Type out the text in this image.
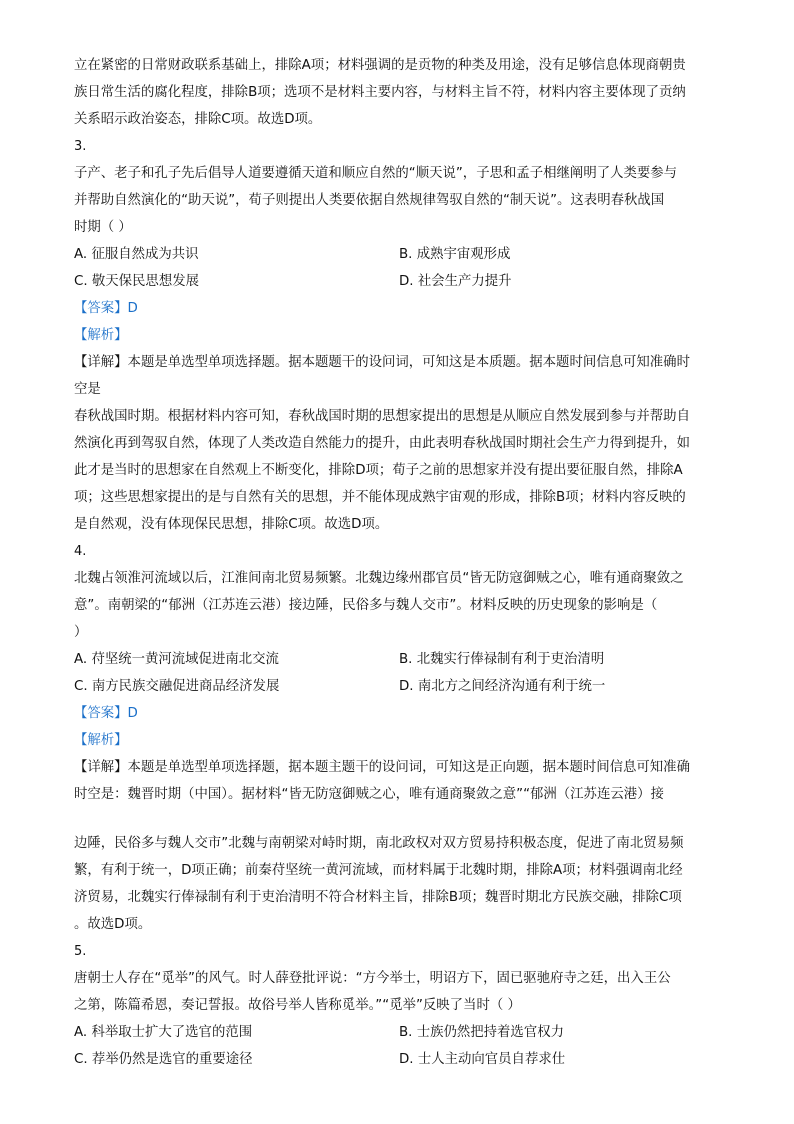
立在紧密的日常财政联系基础上，排除A项；材料强调的是贡物的种类及用途，没有足够信息体现商朝贵

族日常生活的腐化程度，排除B项；选项不是材料主要内容，与材料主旨不符，材料内容主要体现了贡纳

关系昭示政治姿态，排除C项。故选D项。

3.

子产、老子和孔子先后倡导人道要遵循天道和顺应自然的“顺天说”，子思和孟子相继阐明了人类要参与

并帮助自然演化的“助天说”，荀子则提出人类要依据自然规律驾驭自然的“制天说”。这表明春秋战国

时期（ ）

A. 征服自然成为共识	B. 成熟宇宙观形成
C. 敬天保民思想发展	D. 社会生产力提升

【答案】D

【解析】

【详解】本题是单选型单项选择题。据本题题干的设问词，可知这是本质题。据本题时间信息可知准确时

空是

春秋战国时期。根据材料内容可知，春秋战国时期的思想家提出的思想是从顺应自然发展到参与并帮助自

然演化再到驾驭自然，体现了人类改造自然能力的提升，由此表明春秋战国时期社会生产力得到提升，如

此才是当时的思想家在自然观上不断变化，排除D项；荀子之前的思想家并没有提出要征服自然，排除A

项；这些思想家提出的是与自然有关的思想，并不能体现成熟宇宙观的形成，排除B项；材料内容反映的

是自然观，没有体现保民思想，排除C项。故选D项。

4.

北魏占领淮河流域以后，江淮间南北贸易频繁。北魏边缘州郡官员“皆无防寇御贼之心，唯有通商聚敛之

意”。南朝梁的“郁洲（江苏连云港）接边陲，民俗多与魏人交市”。材料反映的历史现象的影响是（

）

A. 苻坚统一黄河流域促进南北交流	B. 北魏实行俸禄制有利于吏治清明
C. 南方民族交融促进商品经济发展	D. 南北方之间经济沟通有利于统一

【答案】D

【解析】

【详解】本题是单选型单项选择题，据本题主题干的设问词，可知这是正向题，据本题时间信息可知准确

时空是：魏晋时期（中国）。据材料“皆无防寇御贼之心，唯有通商聚敛之意”“郁洲（江苏连云港）接

边陲，民俗多与魏人交市”北魏与南朝梁对峙时期，南北政权对双方贸易持积极态度，促进了南北贸易频

繁，有利于统一，D项正确；前秦苻坚统一黄河流域，而材料属于北魏时期，排除A项；材料强调南北经

济贸易，北魏实行俸禄制有利于吏治清明不符合材料主旨，排除B项；魏晋时期北方民族交融，排除C项

。故选D项。

5.

唐朝士人存在“觅举”的风气。时人薛登批评说：“方今举士，明诏方下，固已驱驰府寺之廷，出入王公

之第，陈篇希恩，奏记誓报。故俗号举人皆称觅举。”“觅举”反映了当时（ ）

A. 科举取士扩大了选官的范围	B. 士族仍然把持着选官权力
C. 荐举仍然是选官的重要途径	D. 士人主动向官员自荐求仕
